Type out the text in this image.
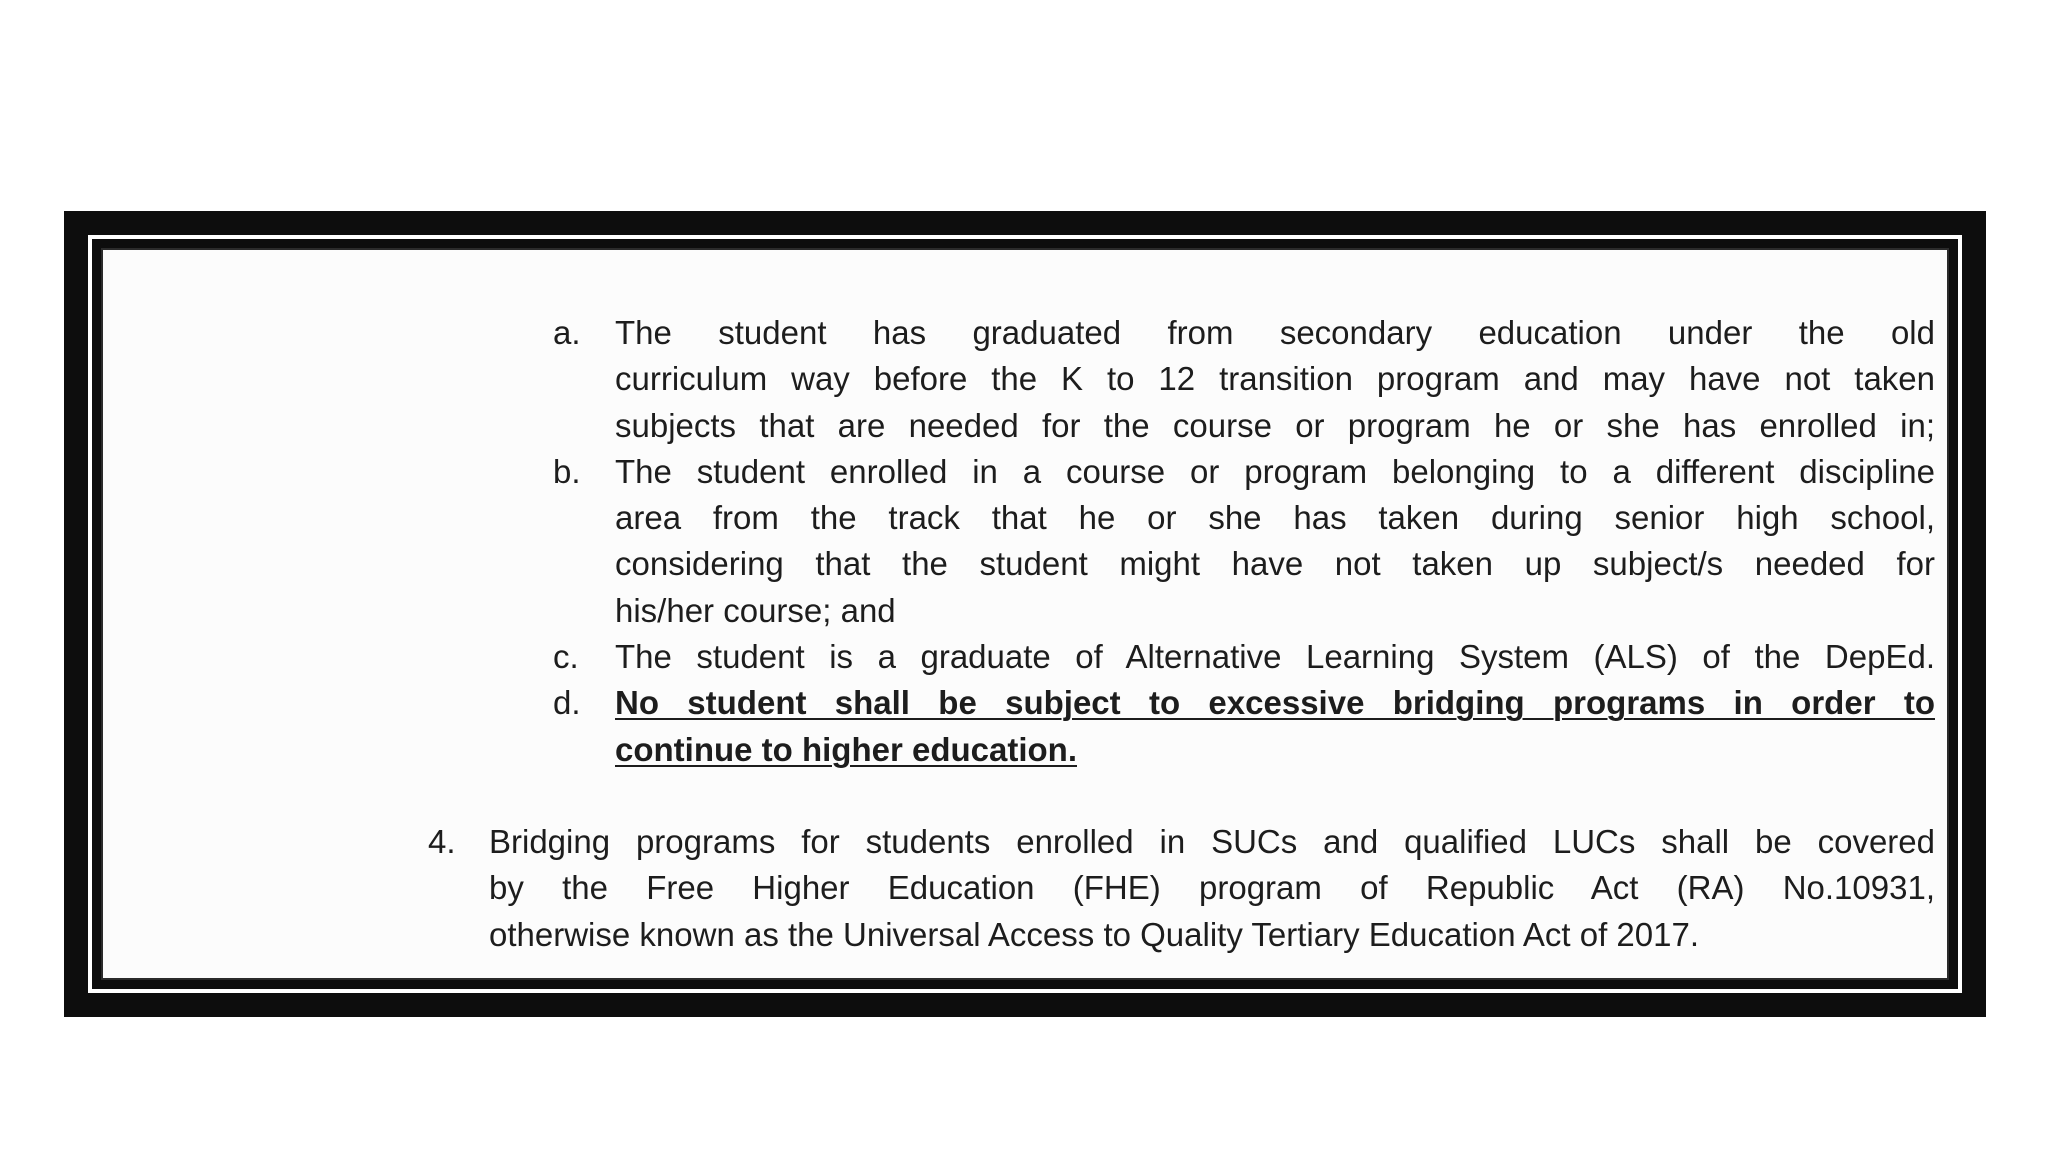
a.	The student has graduated from secondary education under the old
curriculum way before the K to 12 transition program and may have not taken
subjects that are needed for the course or program he or she has enrolled in;
b.	The student enrolled in a course or program belonging to a different discipline
area from the track that he or she has taken during senior high school,
considering that the student might have not taken up subject/s needed for
his/her course; and
c.	The student is a graduate of Alternative Learning System (ALS) of the DepEd.
d.	No student shall be subject to excessive bridging programs in order to
continue to higher education.
4.	Bridging programs for students enrolled in SUCs and qualified LUCs shall be covered
by the Free Higher Education (FHE) program of Republic Act (RA) No.10931,
otherwise known as the Universal Access to Quality Tertiary Education Act of 2017.
